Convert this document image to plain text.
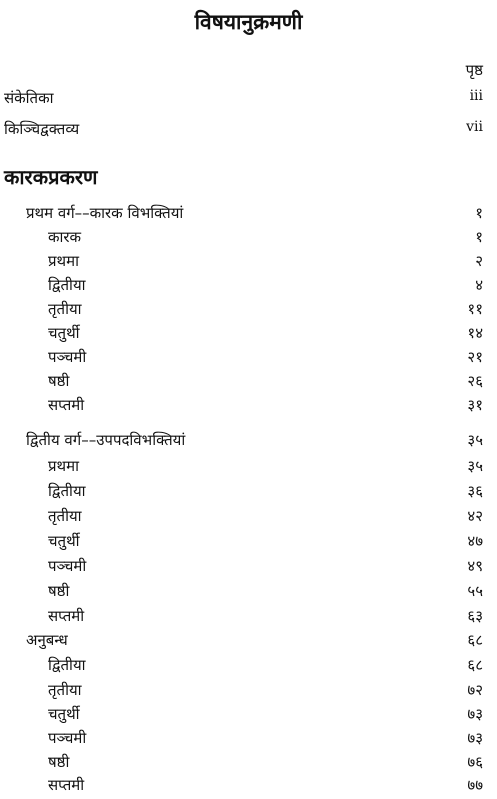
विषयानुक्रमणी
पृष्ठ
संकेतिका	iii
किञ्चिद्वक्तव्य	vii
कारकप्रकरण
प्रथम वर्ग––कारक विभक्तियां	१
कारक	१
प्रथमा	२
द्वितीया	४
तृतीया	११
चतुर्थी	१४
पञ्चमी	२१
षष्ठी	२६
सप्तमी	३१
द्वितीय वर्ग––उपपदविभक्तियां	३५
प्रथमा	३५
द्वितीया	३६
तृतीया	४२
चतुर्थी	४७
पञ्चमी	४९
षष्ठी	५५
सप्तमी	६३
अनुबन्ध	६८
द्वितीया	६८
तृतीया	७२
चतुर्थी	७३
पञ्चमी	७३
षष्ठी	७६
सप्तमी	७७
